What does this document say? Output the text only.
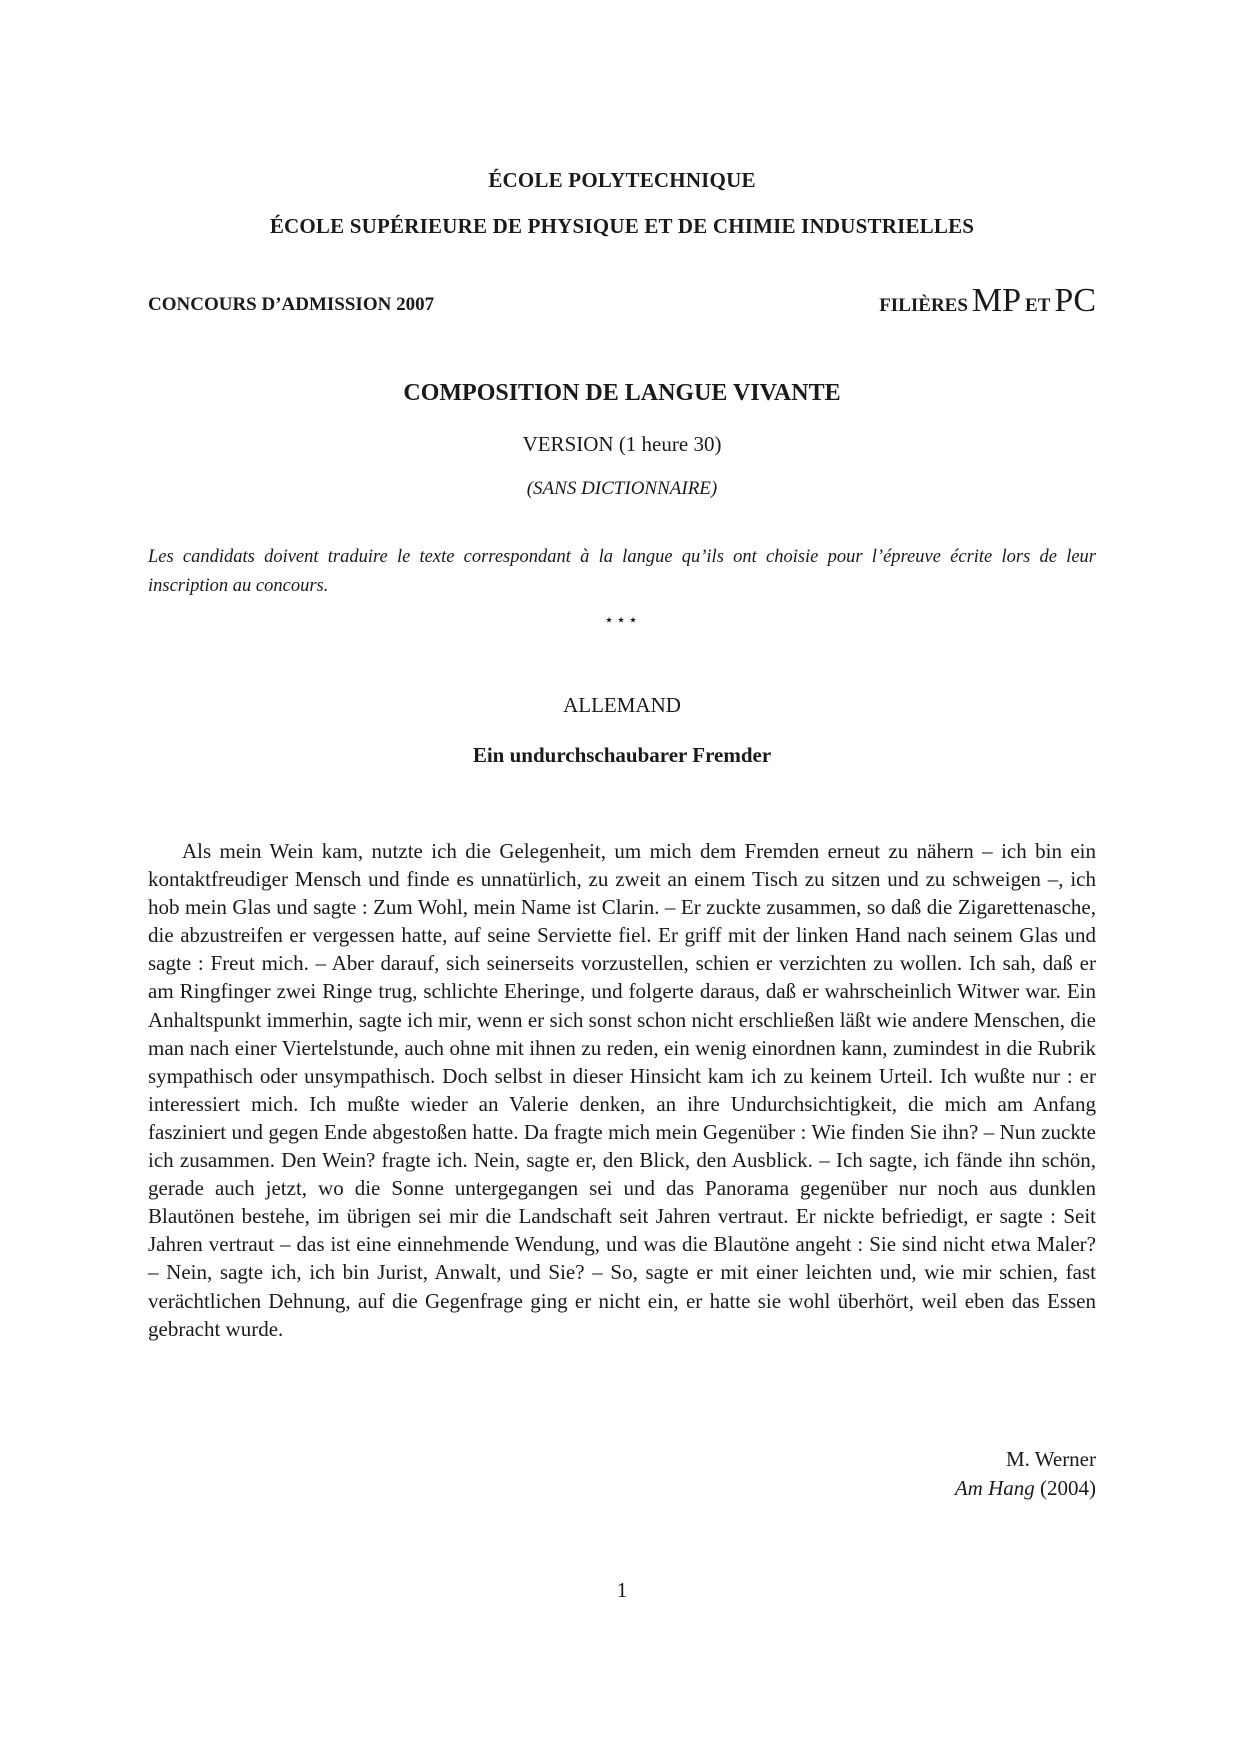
ÉCOLE POLYTECHNIQUE
ÉCOLE SUPÉRIEURE DE PHYSIQUE ET DE CHIMIE INDUSTRIELLES
CONCOURS D’ADMISSION 2007	FILIÈRES MP ET PC
COMPOSITION DE LANGUE VIVANTE
VERSION (1 heure 30)
(SANS DICTIONNAIRE)
Les candidats doivent traduire le texte correspondant à la langue qu’ils ont choisie pour l’épreuve écrite lors de leur inscription au concours.
⋆⋆⋆
ALLEMAND
Ein undurchschaubarer Fremder

Als mein Wein kam, nutzte ich die Gelegenheit, um mich dem Fremden erneut zu nähern – ich bin ein kontaktfreudiger Mensch und finde es unnatürlich, zu zweit an einem Tisch zu sitzen und zu schweigen –, ich hob mein Glas und sagte : Zum Wohl, mein Name ist Clarin. – Er zuckte zusammen, so daß die Zigarettenasche, die abzustreifen er vergessen hatte, auf seine Serviette fiel. Er griff mit der linken Hand nach seinem Glas und sagte : Freut mich. – Aber darauf, sich seinerseits vorzustellen, schien er verzichten zu wollen. Ich sah, daß er am Ringfinger zwei Ringe trug, schlichte Eheringe, und folgerte daraus, daß er wahrscheinlich Witwer war. Ein Anhaltspunkt immerhin, sagte ich mir, wenn er sich sonst schon nicht erschließen läßt wie andere Menschen, die man nach einer Viertelstunde, auch ohne mit ihnen zu reden, ein wenig einordnen kann, zumindest in die Rubrik sympathisch oder unsympathisch. Doch selbst in dieser Hinsicht kam ich zu keinem Urteil. Ich wußte nur : er interessiert mich. Ich mußte wieder an Valerie denken, an ihre Undurchsichtigkeit, die mich am Anfang fasziniert und gegen Ende abgestoßen hatte. Da fragte mich mein Gegenüber : Wie finden Sie ihn? – Nun zuckte ich zusammen. Den Wein? fragte ich. Nein, sagte er, den Blick, den Ausblick. – Ich sagte, ich fände ihn schön, gerade auch jetzt, wo die Sonne untergegangen sei und das Panorama gegenüber nur noch aus dunklen Blautönen bestehe, im übrigen sei mir die Landschaft seit Jahren vertraut. Er nickte befriedigt, er sagte : Seit Jahren vertraut – das ist eine einnehmende Wendung, und was die Blautöne angeht : Sie sind nicht etwa Maler? – Nein, sagte ich, ich bin Jurist, Anwalt, und Sie? – So, sagte er mit einer leichten und, wie mir schien, fast verächtlichen Dehnung, auf die Gegenfrage ging er nicht ein, er hatte sie wohl überhört, weil eben das Essen gebracht wurde.

M. Werner
Am Hang (2004)
1
